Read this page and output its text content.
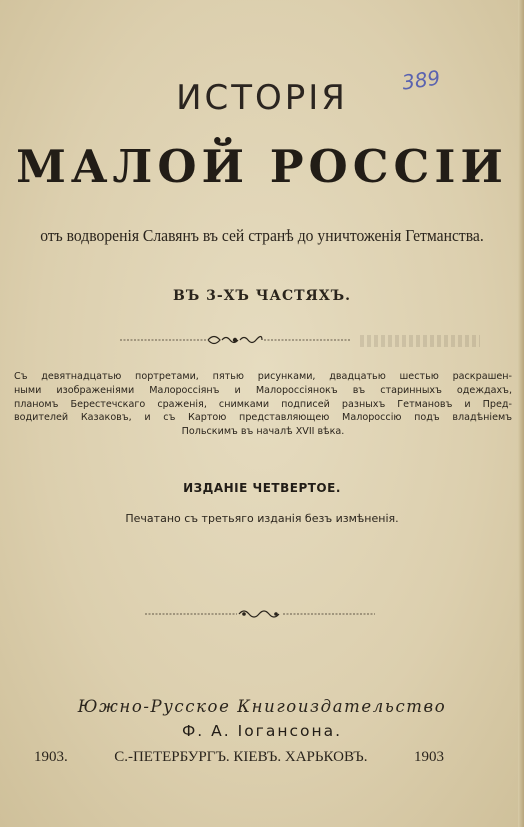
389
ИСТОРІЯ
МАЛОЙ РОССІИ
отъ водворенія Славянъ въ сей странѣ до уничтоженія Гетманства.
ВЪ 3-ХЪ ЧАСТЯХЪ.
Съ девятнадцатью портретами, пятью рисунками, двадцатью шестью раскрашен-
ными изображеніями Малороссіянъ и Малороссіянокъ въ старинныхъ одеждахъ,
планомъ Берестечскаго сраженія, снимками подписей разныхъ Гетмановъ и Пред-
водителей Казаковъ, и съ Картою представляющею Малороссію подъ владѣніемъ
Польскимъ въ началѣ XVII вѣка.
ИЗДАНІЕ ЧЕТВЕРТОЕ.
Печатано съ третьяго изданія безъ измѣненія.
Южно-Русское Книгоиздательство
Ф. А. Іогансона.
1903.	С.-ПЕТЕРБУРГЪ. КІЕВЪ. ХАРЬКОВЪ.	1903
